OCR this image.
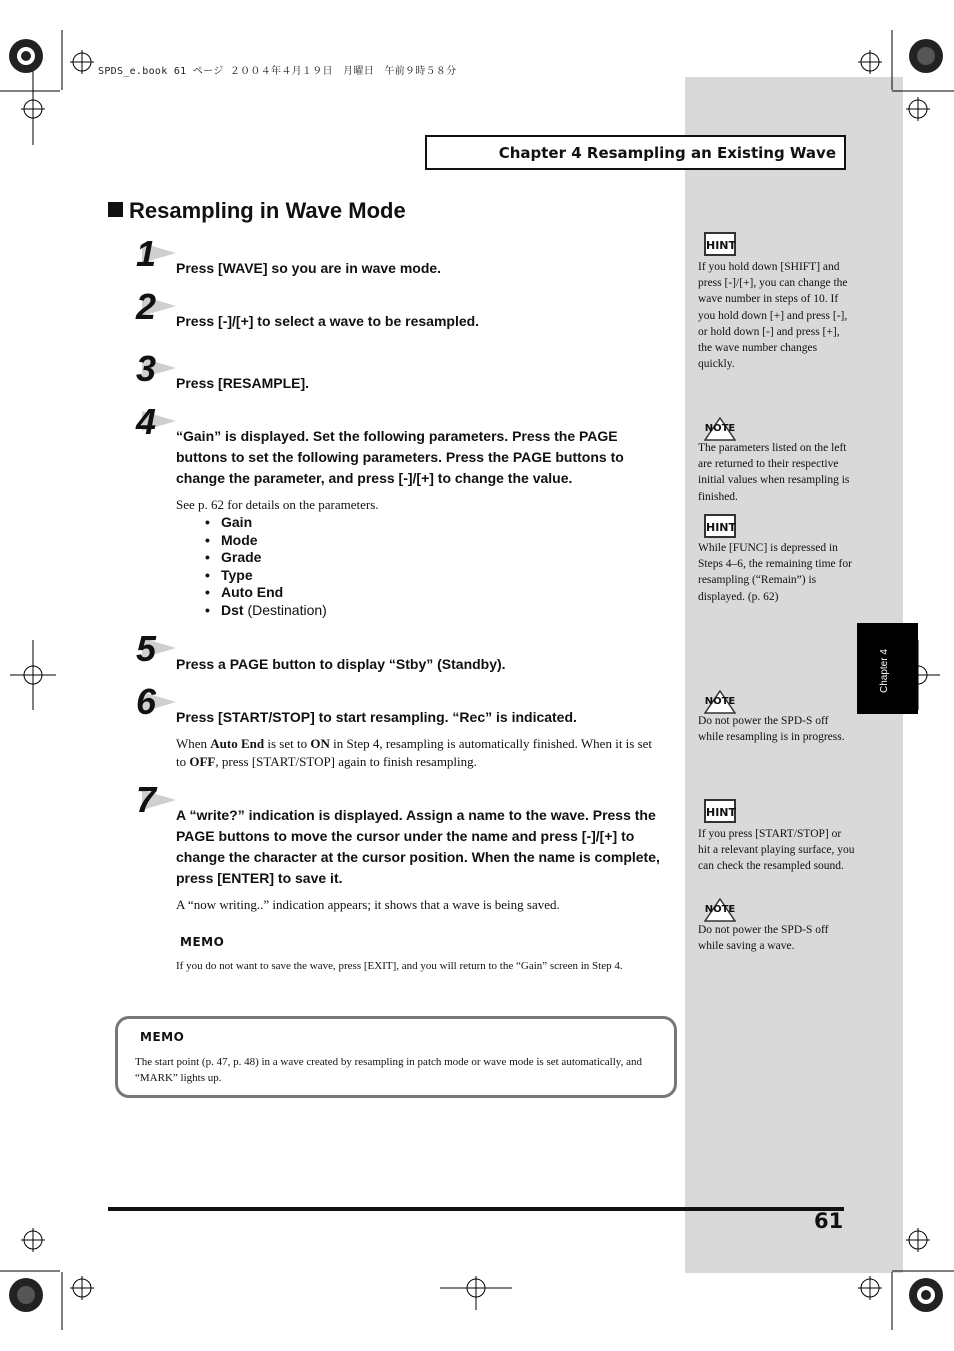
SPDS_e.book 61 ページ ２００４年４月１９日　月曜日　午前９時５８分
Chapter 4 Resampling an Existing Wave
Resampling in Wave Mode
1
2
3
4
5
6
7
Press [WAVE] so you are in wave mode.
Press [-]/[+] to select a wave to be resampled.
Press [RESAMPLE].
“Gain” is displayed. Set the following parameters. Press the PAGE buttons to set the following parameters. Press the PAGE buttons to change the parameter, and press [-]/[+] to change the value.
See p. 62 for details on the parameters.
• Gain
• Mode
• Grade
• Type
• Auto End
• Dst (Destination)
Press a PAGE button to display “Stby” (Standby).
Press [START/STOP] to start resampling. “Rec” is indicated.
When Auto End is set to ON in Step 4, resampling is automatically finished. When it is set to OFF, press [START/STOP] again to finish resampling.
A “write?” indication is displayed. Assign a name to the wave. Press the PAGE buttons to move the cursor under the name and press [-]/[+] to change the character at the cursor position. When the name is complete, press [ENTER] to save it.
A “now writing..” indication appears; it shows that a wave is being saved.
MEMO
If you do not want to save the wave, press [EXIT], and you will return to the “Gain” screen in Step 4.
MEMO
The start point (p. 47, p. 48) in a wave created by resampling in patch mode or wave mode is set automatically, and “MARK” lights up.
HINT
If you hold down [SHIFT] and press [-]/[+], you can change the wave number in steps of 10. If you hold down [+] and press [-], or hold down [-] and press [+], the wave number changes quickly.
NOTE
The parameters listed on the left are returned to their respective initial values when resampling is finished.
HINT
While [FUNC] is depressed in Steps 4–6, the remaining time for resampling (“Remain”) is displayed. (p. 62)
NOTE
Do not power the SPD-S off while resampling is in progress.
HINT
If you press [START/STOP] or hit a relevant playing surface, you can check the resampled sound.
NOTE
Do not power the SPD-S off while saving a wave.
Chapter 4
61
